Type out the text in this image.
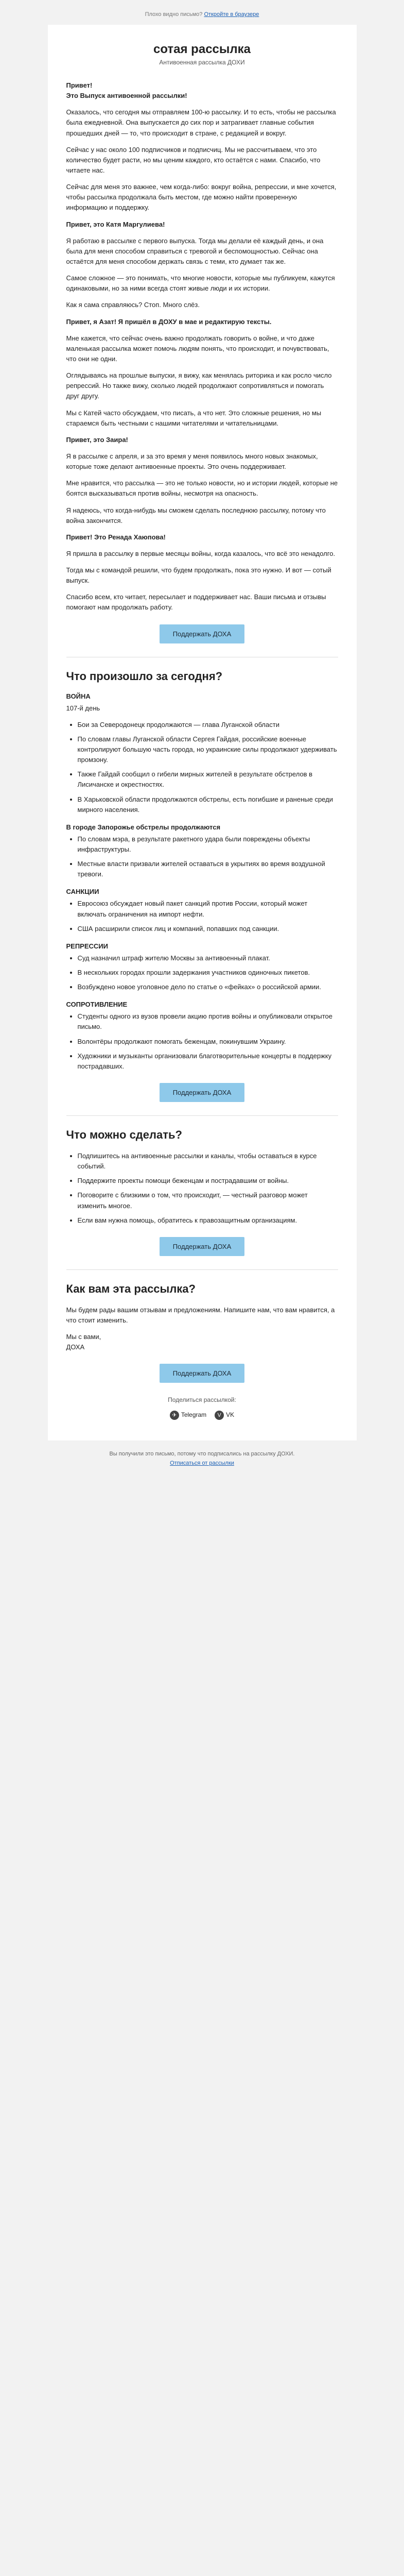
Плохо видно письмо? Откройте в браузере
сотая рассылка
Антивоенная рассылка ДОХИ

Привет!
Это Выпуск антивоенной рассылки!

Оказалось, что сегодня мы отправляем 100-ю рассылку. И то есть, чтобы не рассылка была ежедневной. Она выпускается до сих пор и затрагивает главные события прошедших дней — то, что происходит в стране, с редакцией и вокруг.

Сейчас у нас около 100 подписчиков и подписчиц. Мы не рассчитываем, что это количество будет расти, но мы ценим каждого, кто остаётся с нами. Спасибо, что читаете нас.

Сейчас для меня это важнее, чем когда-либо: вокруг война, репрессии, и мне хочется, чтобы рассылка продолжала быть местом, где можно найти проверенную информацию и поддержку.

Привет, это Катя Маргулиева!

Я работаю в рассылке с первого выпуска. Тогда мы делали её каждый день, и она была для меня способом справиться с тревогой и беспомощностью. Сейчас она остаётся для меня способом держать связь с теми, кто думает так же.

Самое сложное — это понимать, что многие новости, которые мы публикуем, кажутся одинаковыми, но за ними всегда стоят живые люди и их истории.

Как я сама справляюсь? Стоп. Много слёз.

Привет, я Азат! Я пришёл в ДОХУ в мае и редактирую тексты.

Мне кажется, что сейчас очень важно продолжать говорить о войне, и что даже маленькая рассылка может помочь людям понять, что происходит, и почувствовать, что они не одни.

Оглядываясь на прошлые выпуски, я вижу, как менялась риторика и как росло число репрессий. Но также вижу, сколько людей продолжают сопротивляться и помогать друг другу.

Мы с Катей часто обсуждаем, что писать, а что нет. Это сложные решения, но мы стараемся быть честными с нашими читателями и читательницами.

Привет, это Заира!

Я в рассылке с апреля, и за это время у меня появилось много новых знакомых, которые тоже делают антивоенные проекты. Это очень поддерживает.

Мне нравится, что рассылка — это не только новости, но и истории людей, которые не боятся высказываться против войны, несмотря на опасность.

Я надеюсь, что когда-нибудь мы сможем сделать последнюю рассылку, потому что война закончится.

Привет! Это Ренада Хаюпова!

Я пришла в рассылку в первые месяцы войны, когда казалось, что всё это ненадолго.

Тогда мы с командой решили, что будем продолжать, пока это нужно. И вот — сотый выпуск.

Спасибо всем, кто читает, пересылает и поддерживает нас. Ваши письма и отзывы помогают нам продолжать работу.

Поддержать ДОХА
Что произошло за сегодня?
ВОЙНА

107-й день

• Бои за Северодонецк продолжаются — глава Луганской области
• По словам главы Луганской области Сергея Гайдая, российские военные контролируют большую часть города, но украинские силы продолжают удерживать промзону.
• Также Гайдай сообщил о гибели мирных жителей в результате обстрелов в Лисичанске и окрестностях.
• В Харьковской области продолжаются обстрелы, есть погибшие и раненые среди мирного населения.
В городе Запорожье обстрелы продолжаются
• По словам мэра, в результате ракетного удара были повреждены объекты инфраструктуры.
• Местные власти призвали жителей оставаться в укрытиях во время воздушной тревоги.
САНКЦИИ
• Евросоюз обсуждает новый пакет санкций против России, который может включать ограничения на импорт нефти.
• США расширили список лиц и компаний, попавших под санкции.
РЕПРЕССИИ
• Суд назначил штраф жителю Москвы за антивоенный плакат.
• В нескольких городах прошли задержания участников одиночных пикетов.
• Возбуждено новое уголовное дело по статье о «фейках» о российской армии.
СОПРОТИВЛЕНИЕ
• Студенты одного из вузов провели акцию против войны и опубликовали открытое письмо.
• Волонтёры продолжают помогать беженцам, покинувшим Украину.
• Художники и музыканты организовали благотворительные концерты в поддержку пострадавших.
Поддержать ДОХА
Что можно сделать?
• Подпишитесь на антивоенные рассылки и каналы, чтобы оставаться в курсе событий.
• Поддержите проекты помощи беженцам и пострадавшим от войны.
• Поговорите с близкими о том, что происходит, — честный разговор может изменить многое.
• Если вам нужна помощь, обратитесь к правозащитным организациям.
Поддержать ДОХА
Как вам эта рассылка?

Мы будем рады вашим отзывам и предложениям. Напишите нам, что вам нравится, а что стоит изменить.

Мы с вами,
ДОХА

Поддержать ДОХА
Поделиться рассылкой:
✈ Telegram	V VK
Вы получили это письмо, потому что подписались на рассылку ДОХИ.
Отписаться от рассылки
